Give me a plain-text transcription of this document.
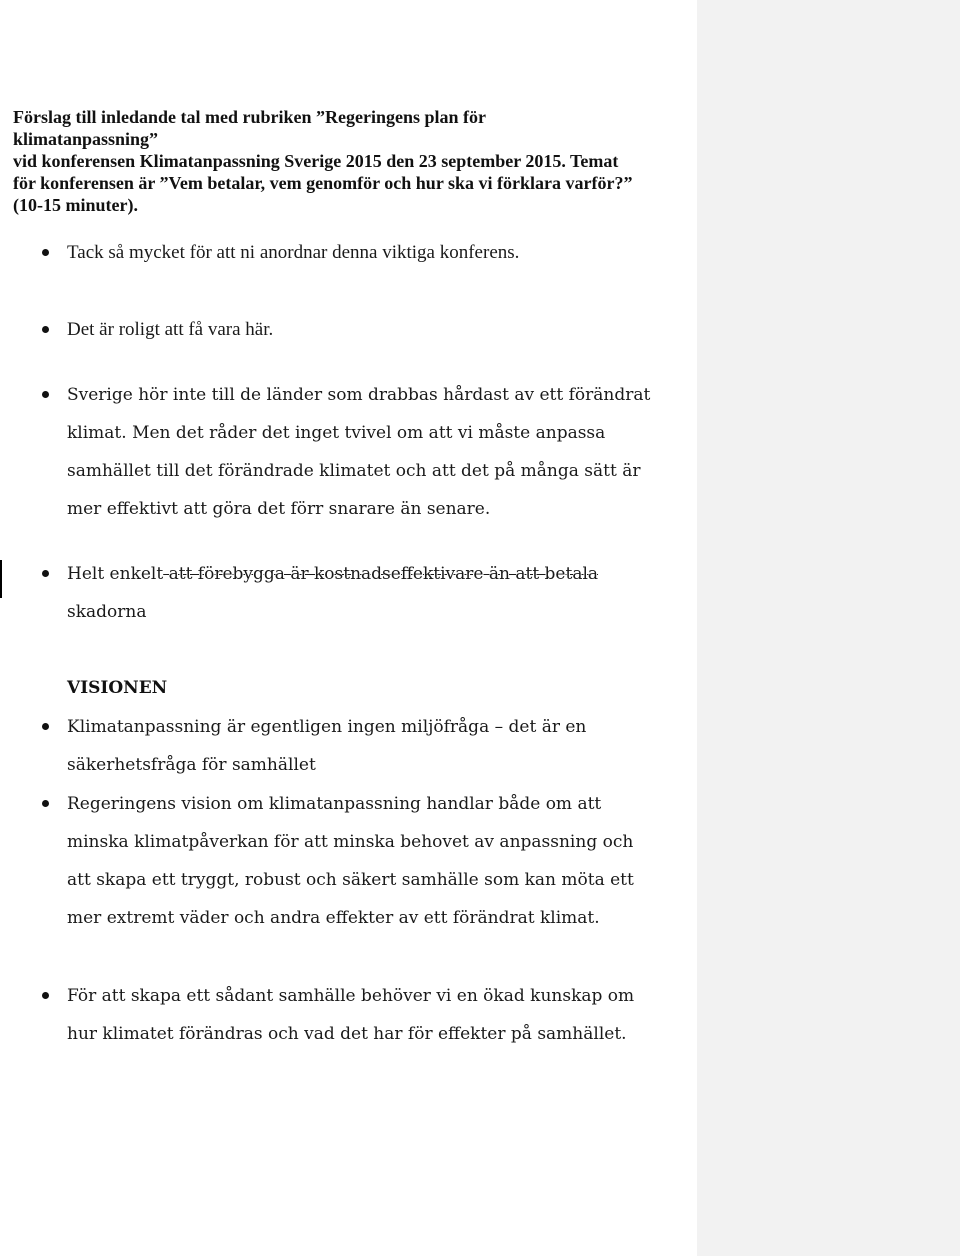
Förslag till inledande tal med rubriken ”Regeringens plan för
klimatanpassning”
vid konferensen Klimatanpassning Sverige 2015 den 23 september 2015. Temat
för konferensen är ”Vem betalar, vem genomför och hur ska vi förklara varför?”
(10-15 minuter).
Tack så mycket för att ni anordnar denna viktiga konferens.
Det är roligt att få vara här.
Sverige hör inte till de länder som drabbas hårdast av ett förändrat
klimat. Men det råder det inget tvivel om att vi måste anpassa
samhället till det förändrade klimatet och att det på många sätt är
mer effektivt att göra det förr snarare än senare.
Helt enkelt att förebygga är kostnadseffektivare än att betala
skadorna
VISIONEN
Klimatanpassning är egentligen ingen miljöfråga – det är en
säkerhetsfråga för samhället
Regeringens vision om klimatanpassning handlar både om att
minska klimatpåverkan för att minska behovet av anpassning och
att skapa ett tryggt, robust och säkert samhälle som kan möta ett
mer extremt väder och andra effekter av ett förändrat klimat.
För att skapa ett sådant samhälle behöver vi en ökad kunskap om
hur klimatet förändras och vad det har för effekter på samhället.
